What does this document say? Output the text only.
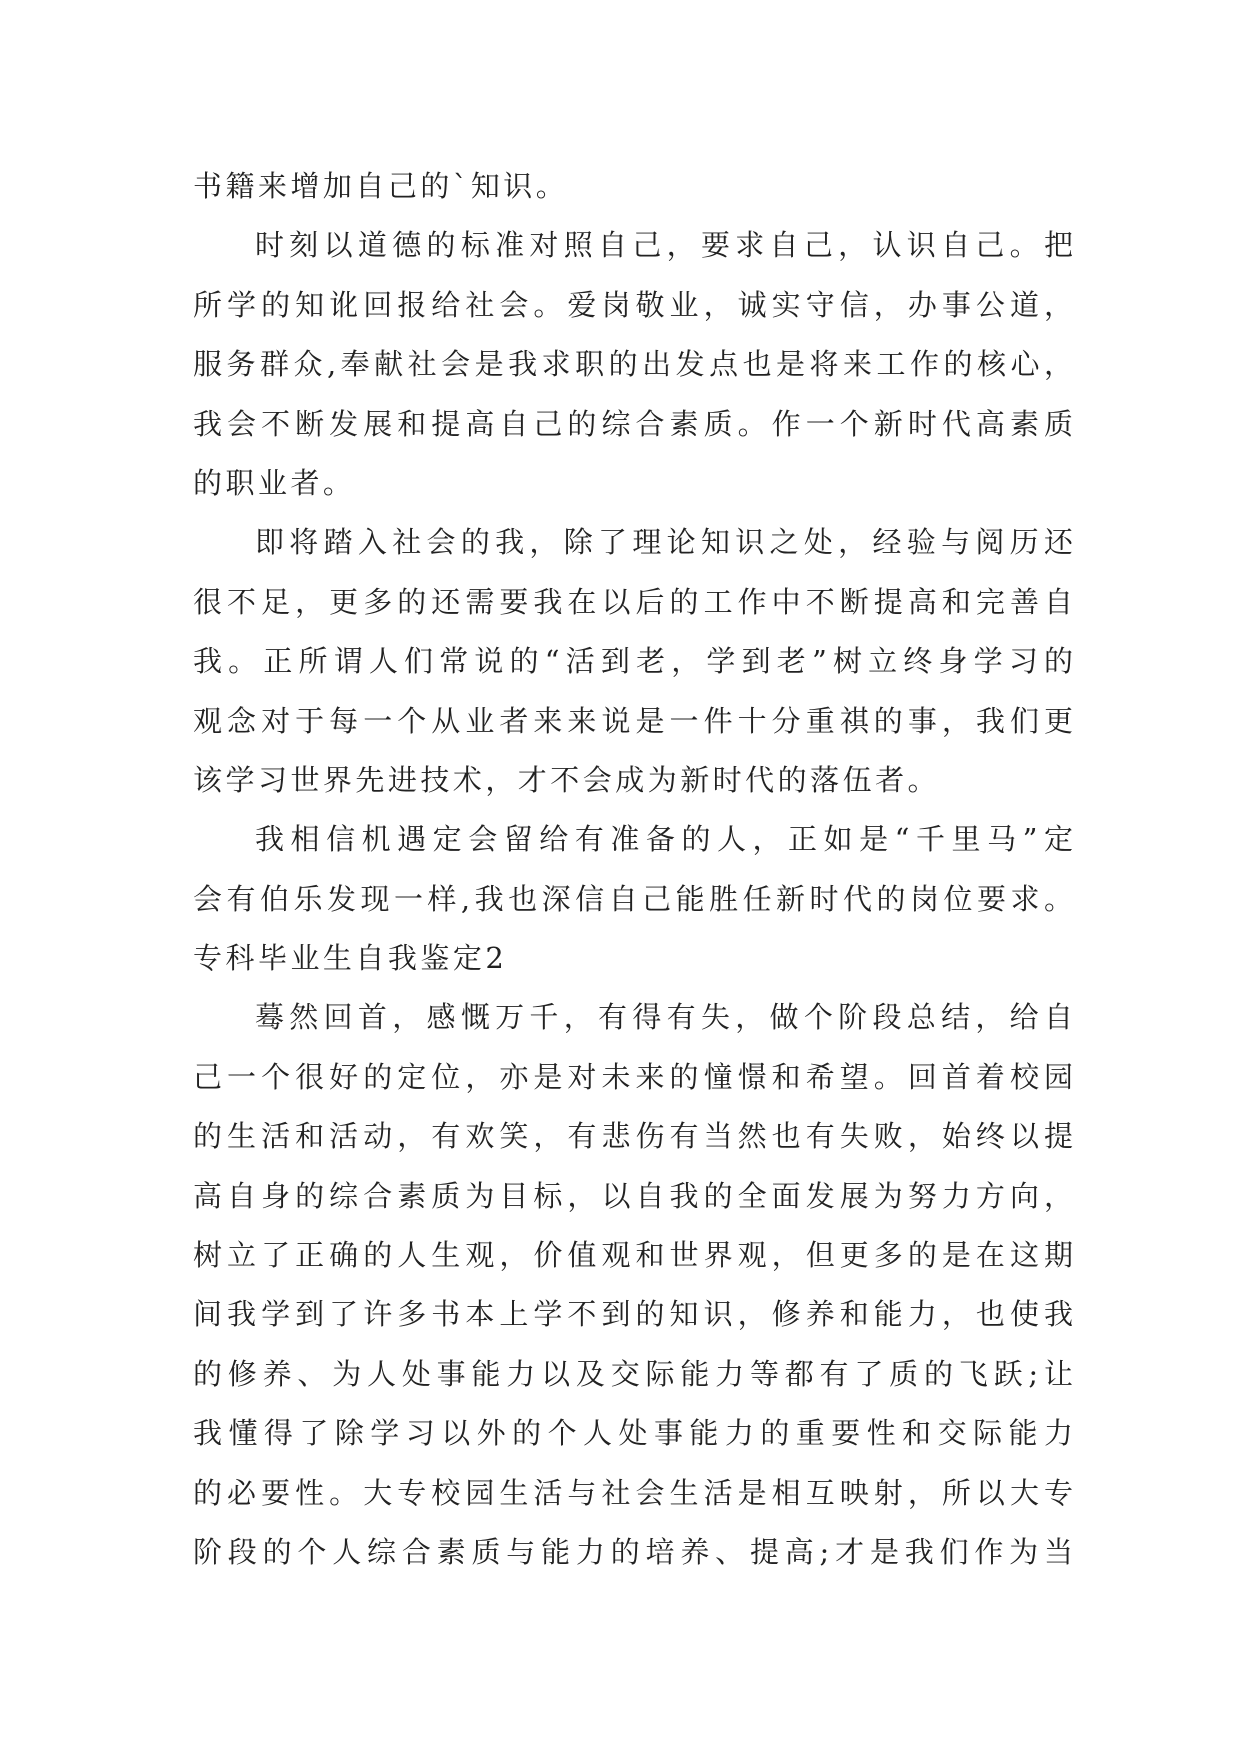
书籍来增加自己的`知识。
时刻以道德的标准对照自己，要求自己，认识自己。把
所学的知讹回报给社会。爱岗敬业，诚实守信，办事公道，
服务群众,奉献社会是我求职的出发点也是将来工作的核心，
我会不断发展和提高自己的综合素质。作一个新时代高素质
的职业者。
即将踏入社会的我，除了理论知识之处，经验与阅历还
很不足，更多的还需要我在以后的工作中不断提高和完善自
我。正所谓人们常说的“活到老，学到老”树立终身学习的
观念对于每一个从业者来来说是一件十分重祺的事，我们更
该学习世界先进技术，才不会成为新时代的落伍者。
我相信机遇定会留给有准备的人，正如是“千里马”定
会有伯乐发现一样,我也深信自己能胜任新时代的岗位要求。
专科毕业生自我鉴定2
蓦然回首，感慨万千，有得有失，做个阶段总结，给自
己一个很好的定位，亦是对未来的憧憬和希望。回首着校园
的生活和活动，有欢笑，有悲伤有当然也有失败，始终以提
高自身的综合素质为目标，以自我的全面发展为努力方向，
树立了正确的人生观，价值观和世界观，但更多的是在这期
间我学到了许多书本上学不到的知识，修养和能力，也使我
的修养、为人处事能力以及交际能力等都有了质的飞跃;让
我懂得了除学习以外的个人处事能力的重要性和交际能力
的必要性。大专校园生活与社会生活是相互映射，所以大专
阶段的个人综合素质与能力的培养、提高;才是我们作为当
